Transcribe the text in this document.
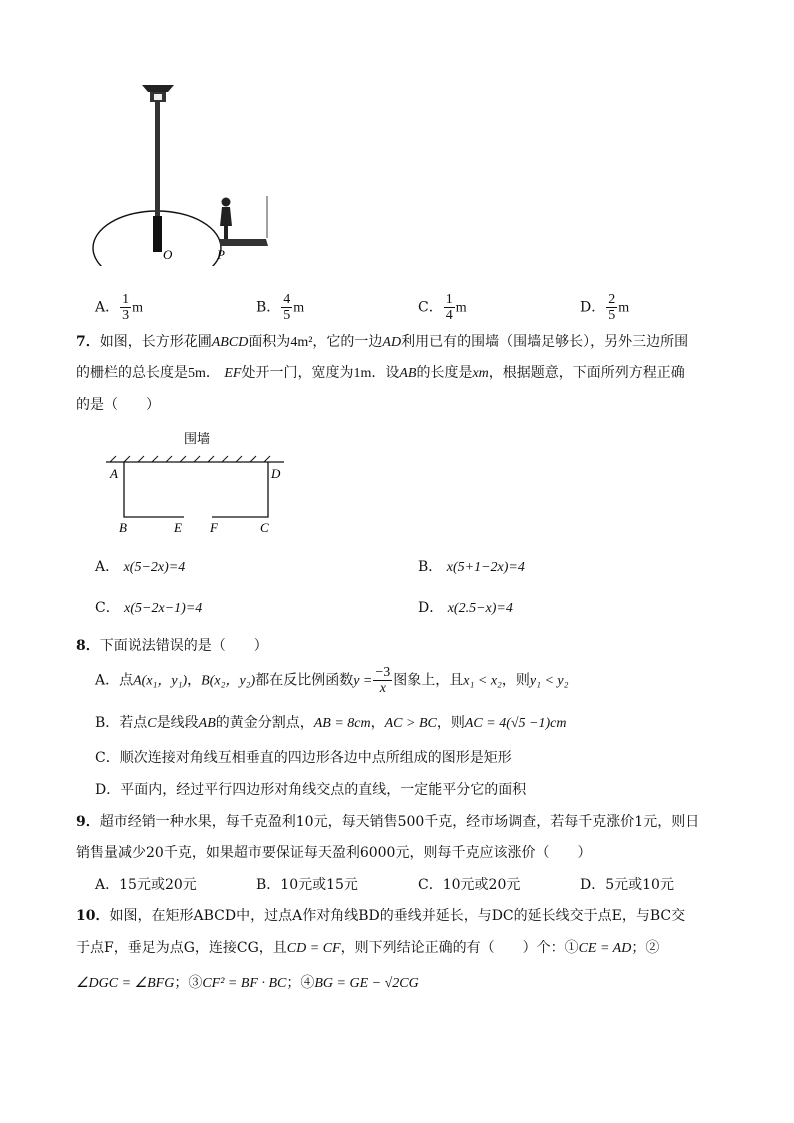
O	P
A． $\frac{1}{3}$ m	B． $\frac{4}{5}$ m	C． $\frac{1}{4}$ m	D． $\frac{2}{5}$ m
7．如图，长方形花圃ABCD面积为4m²，它的一边AD利用已有的围墙（围墙足够长），另外三边所围
的栅栏的总长度是5m． EF处开一门，宽度为1m．设AB的长度是xm，根据题意，下面所列方程正确
的是（　　）
围墙
A	D
B	E F	C
A． x(5−2x)=4	B． x(5+1−2x)=4
C． x(5−2x−1)=4	D． x(2.5−x)=4
8．下面说法错误的是（　　）
A．点A(x₁，y₁)，B(x₂，y₂)都在反比例函数$y = \frac{-3}{x}$ 图象上，且x₁ < x₂，则y₁ < y₂
B．若点C是线段AB的黄金分割点，AB = 8cm，AC > BC，则AC = 4(√5 −1)cm
C．顺次连接对角线互相垂直的四边形各边中点所组成的图形是矩形
D．平面内，经过平行四边形对角线交点的直线，一定能平分它的面积
9．超市经销一种水果，每千克盈利10元，每天销售500千克，经市场调查，若每千克涨价1元，则日
销售量减少20千克，如果超市要保证每天盈利6000元，则每千克应该涨价（　　）
A．15元或20元	B．10元或15元	C．10元或20元	D．5元或10元
10．如图，在矩形ABCD中，过点A作对角线BD的垂线并延长，与DC的延长线交于点E，与BC交
于点F，垂足为点G，连接CG，且CD = CF，则下列结论正确的有（　　）个：①CE = AD；②
∠DGC = ∠BFG；③CF² = BF · BC；④BG = GE − √2CG
